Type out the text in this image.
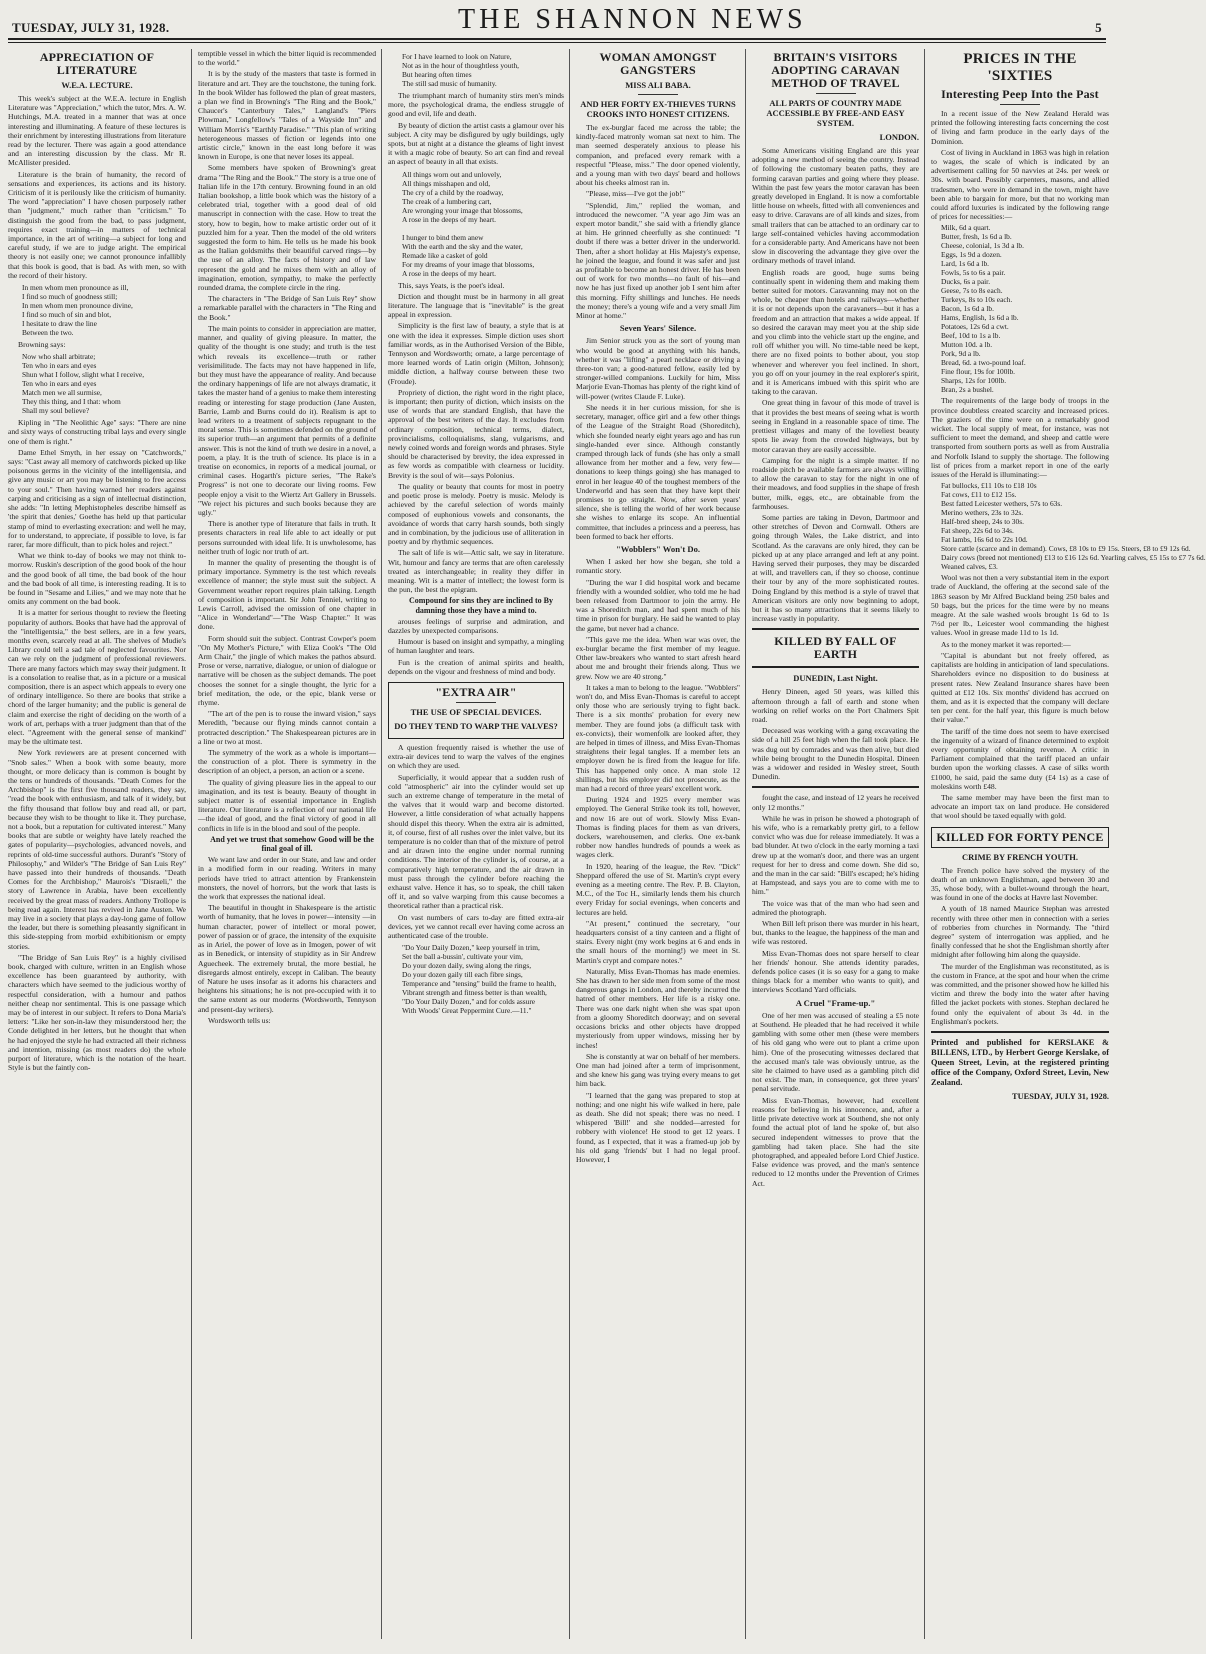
TUESDAY, JULY 31, 1928.	THE SHANNON NEWS	5
APPRECIATION OF LITERATURE
W.E.A. LECTURE.

This week's subject at the W.E.A. lecture in English Literature was "Appreciation," which the tutor, Mrs. A. W. Hutchings, M.A. treated in a manner that was at once interesting and illuminating. A feature of these lectures is their enrichment by interesting illustrations from literature read by the lecturer. There was again a good attendance and an interesting discussion by the class. Mr R. McAllister presided.

Literature is the brain of humanity, the record of sensations and experiences, its actions and its history. Criticism of it is perilously like the criticism of humanity. The word "appreciation" I have chosen purposely rather than "judgment," much rather than "criticism." To distinguish the good from the bad, to pass judgment, requires exact training—in matters of technical importance, in the art of writing—a subject for long and careful study, if we are to judge aright. The empirical theory is not easily one; we cannot pronounce infallibly that this book is good, that is bad. As with men, so with the record of their history.

In men whom men pronounce as ill,
I find so much of goodness still;
In men whom men pronounce divine,
I find so much of sin and blot,
I hesitate to draw the line
Between the two.

Browning says:

Now who shall arbitrate;
Ten who in ears and eyes
Shun what I follow, slight what I receive,
Ten who in ears and eyes
Match men we all surmise,
They this thing, and I that: whom
Shall my soul believe?

Kipling in "The Neolithic Age" says: "There are nine and sixty ways of constructing tribal lays and every single one of them is right."

Dame Ethel Smyth, in her essay on "Catchwords," says: "Cast away all memory of catchwords picked up like poisonous germs in the vicinity of the intelligentsia, and give any music or art you may be listening to free access to your soul." Then having warned her readers against carping and criticising as a sign of intellectual distinction, she adds: "In letting Mephistopheles describe himself as 'the spirit that denies,' Goethe has held up that particular stamp of mind to everlasting execration: and well he may, for to understand, to appreciate, if possible to love, is far rarer, far more difficult, than to pick holes and reject."

What we think to-day of books we may not think to-morrow. Ruskin's description of the good book of the hour and the good book of all time, the bad book of the hour and the bad book of all time, is interesting reading. It is to be found in "Sesame and Lilies," and we may note that he omits any comment on the bad book.

It is a matter for serious thought to review the fleeting popularity of authors. Books that have had the approval of the "intelligentsia," the best sellers, are in a few years, months even, scarcely read at all. The shelves of Mudie's Library could tell a sad tale of neglected favourites. Nor can we rely on the judgment of professional reviewers. There are many factors which may sway their judgment. It is a consolation to realise that, as in a picture or a musical composition, there is an aspect which appeals to every one of ordinary intelligence. So there are books that strike a chord of the larger humanity; and the public is general de claim and exercise the right of deciding on the worth of a work of art, perhaps with a truer judgment than that of the elect. "Agreement with the general sense of mankind" may be the ultimate test.

New York reviewers are at present concerned with "Snob sales." When a book with some beauty, more thought, or more delicacy than is common is bought by the tens or hundreds of thousands. "Death Comes for the Archbishop" is the first five thousand readers, they say, "read the book with enthusiasm, and talk of it widely, but the fifty thousand that follow buy and read all, or part, because they wish to be thought to like it. They purchase, not a book, but a reputation for cultivated interest." Many books that are subtle or weighty have lately reached the gates of popularity—psychologies, advanced novels, and reprints of old-time successful authors. Durant's "Story of Philosophy," and Wilder's "The Bridge of San Luis Rey" have passed into their hundreds of thousands. "Death Comes for the Archbishop," Maurois's "Disraeli," the story of Lawrence in Arabia, have been excellently received by the great mass of readers. Anthony Trollope is being read again. Interest has revived in Jane Austen. We may live in a society that plays a day-long game of follow the leader, but there is something pleasantly significant in this side-stepping from morbid exhibitionism or empty stories.

"The Bridge of San Luis Rey" is a highly civilised book, charged with culture, written in an English whose excellence has been guaranteed by authority, with characters which have seemed to the judicious worthy of respectful consideration, with a humour and pathos neither cheap nor sentimental. This is one passage which may be of interest in our subject. It refers to Dona Maria's letters: "Like her son-in-law they misunderstood her; the Conde delighted in her letters, but he thought that when he had enjoyed the style he had extracted all their richness and intention, missing (as most readers do) the whole purport of literature, which is the notation of the heart. Style is but the faintly con-

temptible vessel in which the bitter liquid is recommended to the world."

It is by the study of the masters that taste is formed in literature and art. They are the touchstone, the tuning fork. In the book Wilder has followed the plan of great masters, a plan we find in Browning's "The Ring and the Book," Chaucer's "Canterbury Tales," Langland's "Piers Plowman," Longfellow's "Tales of a Wayside Inn" and William Morris's "Earthly Paradise." "This plan of writing heterogeneous masses of fiction or legends into one artistic circle," known in the east long before it was known in Europe, is one that never loses its appeal.

Some members have spoken of Browning's great drama "The Ring and the Book." The story is a true one of Italian life in the 17th century. Browning found in an old Italian bookshop, a little book which was the history of a celebrated trial, together with a good deal of old manuscript in connection with the case. How to treat the story, how to begin, how to make artistic order out of it puzzled him for a year. Then the model of the old writers suggested the form to him. He tells us he made his book as the Italian goldsmiths their beautiful carved rings—by the use of an alloy. The facts of history and of law represent the gold and he mixes them with an alloy of imagination, emotion, sympathy, to make the perfectly rounded drama, the complete circle in the ring.

The characters in "The Bridge of San Luis Rey" show a remarkable parallel with the characters in "The Ring and the Book."

The main points to consider in appreciation are matter, manner, and quality of giving pleasure. In matter, the quality of the thought is one study; and truth is the test which reveals its excellence—truth or rather verisimilitude. The facts may not have happened in life, but they must have the appearance of reality. And because the ordinary happenings of life are not always dramatic, it takes the master hand of a genius to make them interesting reading or interesting for stage production (Jane Austen, Barrie, Lamb and Burns could do it). Realism is apt to lead writers to a treatment of subjects repugnant to the moral sense. This is sometimes defended on the ground of its superior truth—an argument that permits of a definite answer. This is not the kind of truth we desire in a novel, a poem, a play. It is the truth of science. Its place is in a treatise on economics, in reports of a medical journal, or criminal cases. Hogarth's picture series, "The Rake's Progress" is not one to decorate our living rooms. Few people enjoy a visit to the Wiertz Art Gallery in Brussels. "We reject his pictures and such books because they are ugly."

There is another type of literature that fails in truth. It presents characters in real life able to act ideally or put persons surrounded with ideal life. It is unwholesome, has neither truth of logic nor truth of art.

In manner the quality of presenting the thought is of primary importance. Symmetry is the test which reveals excellence of manner; the style must suit the subject. A Government weather report requires plain talking. Length of composition is important. Sir John Tenniel, writing to Lewis Carroll, advised the omission of one chapter in "Alice in Wonderland"—"The Wasp Chapter." It was done.

Form should suit the subject. Contrast Cowper's poem "On My Mother's Picture," with Eliza Cook's "The Old Arm Chair," the jingle of which makes the pathos absurd. Prose or verse, narrative, dialogue, or union of dialogue or narrative will be chosen as the subject demands. The poet chooses the sonnet for a single thought, the lyric for a brief meditation, the ode, or the epic, blank verse or rhyme.

"The art of the pen is to rouse the inward vision," says Meredith, "because our flying minds cannot contain a protracted description." The Shakespearean pictures are in a line or two at most.

The symmetry of the work as a whole is important—the construction of a plot. There is symmetry in the description of an object, a person, an action or a scene.

The quality of giving pleasure lies in the appeal to our imagination, and its test is beauty. Beauty of thought in subject matter is of essential importance in English literature. Our literature is a reflection of our national life—the ideal of good, and the final victory of good in all conflicts in life is in the blood and soul of the people.

And yet we trust that somehow Good will be the final goal of ill.

We want law and order in our State, and law and order in a modified form in our reading. Writers in many periods have tried to attract attention by Frankenstein monsters, the novel of horrors, but the work that lasts is the work that expresses the national ideal.

The beautiful in thought in Shakespeare is the artistic worth of humanity, that he loves in power—intensity —in human character, power of intellect or moral power, power of passion or of grace, the intensity of the exquisite as in Ariel, the power of love as in Imogen, power of wit as in Benedick, or intensity of stupidity as in Sir Andrew Aguecheek. The extremely brutal, the more bestial, he disregards almost entirely, except in Caliban. The beauty of Nature he uses insofar as it adorns his characters and heightens his situations; he is not pre-occupied with it to the same extent as our moderns (Wordsworth, Tennyson and present-day writers).

Wordsworth tells us:

For I have learned to look on Nature,
Not as in the hour of thoughtless youth,
But hearing often times
The still sad music of humanity.

The triumphant march of humanity stirs men's minds more, the psychological drama, the endless struggle of good and evil, life and death.

By beauty of diction the artist casts a glamour over his subject. A city may be disfigured by ugly buildings, ugly spots, but at night at a distance the gleams of light invest it with a magic robe of beauty. So art can find and reveal an aspect of beauty in all that exists.

All things worn out and unlovely,
All things misshapen and old,
The cry of a child by the roadway,
The creak of a lumbering cart,
Are wronging your image that blossoms,
A rose in the deeps of my heart.

I hunger to bind them anew
With the earth and the sky and the water,
Remade like a casket of gold
For my dreams of your image that blossoms,
A rose in the deeps of my heart.

This, says Yeats, is the poet's ideal.

Diction and thought must be in harmony in all great literature. The language that is "inevitable" is the great appeal in expression.

Simplicity is the first law of beauty, a style that is at one with the idea it expresses. Simple diction uses short familiar words, as in the Authorised Version of the Bible, Tennyson and Wordsworth; ornate, a large percentage of more learned words of Latin origin (Milton, Johnson); middle diction, a halfway course between these two (Froude).

Propriety of diction, the right word in the right place, is important; then purity of diction, which insists on the use of words that are standard English, that have the approval of the best writers of the day. It excludes from ordinary composition, technical terms, dialect, provincialisms, colloquialisms, slang, vulgarisms, and newly coined words and foreign words and phrases. Style should be characterised by brevity, the idea expressed in as few words as compatible with clearness or lucidity. Brevity is the soul of wit—says Polonius.

The quality or beauty that counts for most in poetry and poetic prose is melody. Poetry is music. Melody is achieved by the careful selection of words mainly composed of euphonious vowels and consonants, the avoidance of words that carry harsh sounds, both singly and in combination, by the judicious use of alliteration in poetry and by rhythmic sequences.

The salt of life is wit—Attic salt, we say in literature. Wit, humour and fancy are terms that are often carelessly treated as interchangeable; in reality they differ in meaning. Wit is a matter of intellect; the lowest form is the pun, the best the epigram.

Compound for sins they are inclined to By damning those they have a mind to.

arouses feelings of surprise and admiration, and dazzles by unexpected comparisons.

Humour is based on insight and sympathy, a mingling of human laughter and tears.

Fun is the creation of animal spirits and health, depends on the vigour and freshness of mind and body.

"EXTRA AIR"
THE USE OF SPECIAL DEVICES.
DO THEY TEND TO WARP THE VALVES?

A question frequently raised is whether the use of extra-air devices tend to warp the valves of the engines on which they are used.

Superficially, it would appear that a sudden rush of cold "atmospheric" air into the cylinder would set up such an extreme change of temperature in the metal of the valves that it would warp and become distorted. However, a little consideration of what actually happens should dispel this theory. When the extra air is admitted, it, of course, first of all rushes over the inlet valve, but its temperature is no colder than that of the mixture of petrol and air drawn into the engine under normal running conditions. The interior of the cylinder is, of course, at a comparatively high temperature, and the air drawn in must pass through the cylinder before reaching the exhaust valve. Hence it has, so to speak, the chill taken off it, and so valve warping from this cause becomes a theoretical rather than a practical risk.

On vast numbers of cars to-day are fitted extra-air devices, yet we cannot recall ever having come across an authenticated case of the trouble.

"Do Your Daily Dozen," keep yourself in trim,
Set the ball a-bussin', cultivate your vim,
Do your dozen daily, swing along the rings,
Do your dozen gaily till each fibre sings,
Temperance and "tensing" build the frame to health,
Vibrant strength and fitness better is than wealth,
"Do Your Daily Dozen," and for colds assure
With Woods' Great Peppermint Cure.—11."
WOMAN AMONGST GANGSTERS
MISS ALI BABA.
AND HER FORTY EX-THIEVES TURNS CROOKS INTO HONEST CITIZENS.

The ex-burglar faced me across the table; the kindly-faced matronly woman sat next to him. The man seemed desperately anxious to please his companion, and prefaced every remark with a respectful "Please, miss." The door opened violently, and a young man with two days' beard and hollows about his cheeks almost ran in.

"Please, miss—I've got the job!"

"Splendid, Jim," replied the woman, and introduced the newcomer. "A year ago Jim was an expert motor bandit," she said with a friendly glance at him. He grinned cheerfully as she continued: "I doubt if there was a better driver in the underworld. Then, after a short holiday at His Majesty's expense, he joined the league, and found it was safer and just as profitable to become an honest driver. He has been out of work for two months—no fault of his—and now he has just fixed up another job I sent him after this morning. Fifty shillings and lunches. He needs the money; there's a young wife and a very small Jim Minor at home."

Seven Years' Silence.

Jim Senior struck you as the sort of young man who would be good at anything with his hands, whether it was "lifting" a pearl necklace or driving a three-ton van; a good-natured fellow, easily led by stronger-willed companions. Luckily for him, Miss Marjorie Evan-Thomas has plenty of the right kind of will-power (writes Claude F. Luke).

She needs it in her curious mission, for she is secretary, manager, office girl and a few other things of the League of the Straight Road (Shoreditch), which she founded nearly eight years ago and has run single-handed ever since. Although constantly cramped through lack of funds (she has only a small allowance from her mother and a few, very few—donations to keep things going) she has managed to enrol in her league 40 of the toughest members of the Underworld and has seen that they have kept their promises to go straight. Now, after seven years' silence, she is telling the world of her work because she wishes to enlarge its scope. An influential committee, that includes a princess and a peeress, has been formed to back her efforts.

"Wobblers" Won't Do.

When I asked her how she began, she told a romantic story.

"During the war I did hospital work and became friendly with a wounded soldier, who told me he had been released from Dartmoor to join the army. He was a Shoreditch man, and had spent much of his time in prison for burglary. He said he wanted to play the game, but never had a chance.

"This gave me the idea. When war was over, the ex-burglar became the first member of my league. Other law-breakers who wanted to start afresh heard about me and brought their friends along. Thus we grew. Now we are 40 strong."

It takes a man to belong to the league. "Wobblers" won't do, and Miss Evan-Thomas is careful to accept only those who are seriously trying to fight back. There is a six months' probation for every new member. They are found jobs (a difficult task with ex-convicts), their womenfolk are looked after, they are helped in times of illness, and Miss Evan-Thomas straightens their legal tangles. If a member lets an employer down he is fired from the league for life. This has happened only once. A man stole 12 shillings, but his employer did not prosecute, as the man had a record of three years' excellent work.

During 1924 and 1925 every member was employed. The General Strike took its toll, however, and now 16 are out of work. Slowly Miss Evan-Thomas is finding places for them as van drivers, dockers, warehousemen, and clerks. One ex-bank robber now handles hundreds of pounds a week as wages clerk.

In 1920, hearing of the league, the Rev. "Dick" Sheppard offered the use of St. Martin's crypt every evening as a meeting centre. The Rev. P. B. Clayton, M.C., of the Toc H., similarly lends them his church every Friday for social evenings, when concerts and lectures are held.

"At present," continued the secretary, "our headquarters consist of a tiny canteen and a flight of stairs. Every night (my work begins at 6 and ends in the small hours of the morning!) we meet in St. Martin's crypt and compare notes."

Naturally, Miss Evan-Thomas has made enemies. She has drawn to her side men from some of the most dangerous gangs in London, and thereby incurred the hatred of other members. Her life is a risky one. There was one dark night when she was spat upon from a gloomy Shoreditch doorway; and on several occasions bricks and other objects have dropped mysteriously from upper windows, missing her by inches!

She is constantly at war on behalf of her members. One man had joined after a term of imprisonment, and she knew his gang was trying every means to get him back.

"I learned that the gang was prepared to stop at nothing; and one night his wife walked in here, pale as death. She did not speak; there was no need. I whispered 'Bill!' and she nodded—arrested for robbery with violence! He stood to get 12 years. I found, as I expected, that it was a framed-up job by his old gang 'friends' but I had no legal proof. However, I

BRITAIN'S VISITORS ADOPTING CARAVAN METHOD OF TRAVEL
ALL PARTS OF COUNTRY MADE ACCESSIBLE BY FREE-AND EASY SYSTEM.
LONDON.

Some Americans visiting England are this year adopting a new method of seeing the country. Instead of following the customary beaten paths, they are forming caravan parties and going where they please. Within the past few years the motor caravan has been greatly developed in England. It is now a comfortable little house on wheels, fitted with all conveniences and easy to drive. Caravans are of all kinds and sizes, from small trailers that can be attached to an ordinary car to large self-contained vehicles having accommodation for a considerable party. And Americans have not been slow in discovering the advantage they give over the ordinary methods of travel inland.

English roads are good, huge sums being continually spent in widening them and making them better suited for motors. Caravanning may not on the whole, be cheaper than hotels and railways—whether it is or not depends upon the caravaners—but it has a freedom and an attraction that makes a wide appeal. If so desired the caravan may meet you at the ship side and you climb into the vehicle start up the engine, and roll off whither you will. No time-table need be kept, there are no fixed points to bother about, you stop whenever and wherever you feel inclined. In short, you go off on your journey in the real explorer's spirit, and it is Americans imbued with this spirit who are taking to the caravan.

One great thing in favour of this mode of travel is that it provides the best means of seeing what is worth seeing in England in a reasonable space of time. The prettiest villages and many of the loveliest beauty spots lie away from the crowded highways, but by motor caravan they are easily accessible.

Camping for the night is a simple matter. If no roadside pitch be available farmers are always willing to allow the caravan to stay for the night in one of their meadows, and food supplies in the shape of fresh butter, milk, eggs, etc., are obtainable from the farmhouses.

Some parties are taking in Devon, Dartmoor and other stretches of Devon and Cornwall. Others are going through Wales, the Lake district, and into Scotland. As the caravans are only hired, they can be picked up at any place arranged and left at any point. Having served their purposes, they may be discarded at will, and travellers can, if they so choose, continue their tour by any of the more sophisticated routes. Doing England by this method is a style of travel that American visitors are only now beginning to adopt, but it has so many attractions that it seems likely to increase vastly in popularity.

KILLED BY FALL OF EARTH
DUNEDIN, Last Night.

Henry Dineen, aged 50 years, was killed this afternoon through a fall of earth and stone when working on relief works on the Port Chalmers Spit road.

Deceased was working with a gang excavating the side of a hill 25 feet high when the fall took place. He was dug out by comrades and was then alive, but died while being brought to the Dunedin Hospital. Dineen was a widower and resided in Wesley street, South Dunedin.

fought the case, and instead of 12 years he received only 12 months."

While he was in prison he showed a photograph of his wife, who is a remarkably pretty girl, to a fellow convict who was due for release immediately. It was a bad blunder. At two o'clock in the early morning a taxi drew up at the woman's door, and there was an urgent request for her to dress and come down. She did so, and the man in the car said: "Bill's escaped; he's hiding at Hampstead, and says you are to come with me to him."

The voice was that of the man who had seen and admired the photograph.

When Bill left prison there was murder in his heart, but, thanks to the league, the happiness of the man and wife was restored.

Miss Evan-Thomas does not spare herself to clear her friends' honour. She attends identity parades, defends police cases (it is so easy for a gang to make things black for a member who wants to quit), and interviews Scotland Yard officials.

A Cruel "Frame-up."

One of her men was accused of stealing a £5 note at Southend. He pleaded that he had received it while gambling with some other men (these were members of his old gang who were out to plant a crime upon him). One of the prosecuting witnesses declared that the accused man's tale was obviously untrue, as the site he claimed to have used as a gambling pitch did not exist. The man, in consequence, got three years' penal servitude.

Miss Evan-Thomas, however, had excellent reasons for believing in his innocence, and, after a little private detective work at Southend, she not only found the actual plot of land he spoke of, but also secured independent witnesses to prove that the gambling had taken place. She had the site photographed, and appealed before Lord Chief Justice. False evidence was proved, and the man's sentence reduced to 12 months under the Prevention of Crimes Act.

PRICES IN THE 'SIXTIES
Interesting Peep Into the Past

In a recent issue of the New Zealand Herald was printed the following interesting facts concerning the cost of living and farm produce in the early days of the Dominion.

Cost of living in Auckland in 1863 was high in relation to wages, the scale of which is indicated by an advertisement calling for 50 navvies at 24s. per week or 30s. with board. Possibly carpenters, masons, and allied tradesmen, who were in demand in the town, might have been able to bargain for more, but that no working man could afford luxuries is indicated by the following range of prices for necessities:—

Milk, 6d a quart.
Butter, fresh, 1s 6d a lb.
Cheese, colonial, 1s 3d a lb.
Eggs, 1s 9d a dozen.
Lard, 1s 6d a lb.
Fowls, 5s to 6s a pair.
Ducks, 6s a pair.
Geese, 7s to 8s each.
Turkeys, 8s to 10s each.
Bacon, 1s 6d a lb.
Hams, English, 1s 6d a lb.
Potatoes, 12s 6d a cwt.
Beef, 10d to 1s a lb.
Mutton 10d. a lb.
Pork, 9d a lb.
Bread, 6d. a two-pound loaf.
Fine flour, 19s for 100lb.
Sharps, 12s for 100lb.
Bran, 2s a bushel.

The requirements of the large body of troops in the province doubtless created scarcity and increased prices. The graziers of the time were on a remarkably good wicket. The local supply of meat, for instance, was not sufficient to meet the demand, and sheep and cattle were transported from southern ports as well as from Australia and Norfolk Island to supply the shortage. The following list of prices from a market report in one of the early issues of the Herald is illuminating:—

Fat bullocks, £11 10s to £18 10s
Fat cows, £11 to £12 15s.
Best fatted Leicester wethers, 57s to 63s.
Merino wethers, 23s to 32s.
Half-bred sheep, 24s to 30s.
Fat sheep, 22s 6d to 34s.
Fat lambs, 16s 6d to 22s 10d.
Store cattle (scarce and in demand). Cows, £8 10s to £9 15s. Steers, £8 to £9 12s 6d.
Dairy cows (breed not mentioned) £13 to £16 12s 6d. Yearling calves, £5 15s to £7 7s 6d.
Weaned calves, £3.

Wool was not then a very substantial item in the export trade of Auckland, the offering at the second sale of the 1863 season by Mr Alfred Buckland being 250 bales and 50 bags, but the prices for the time were by no means meagre. At the sale washed wools brought 1s 6d to 1s 7½d per lb., Leicester wool commanding the highest values. Wool in grease made 11d to 1s 1d.

As to the money market it was reported:—

"Capital is abundant but not freely offered, as capitalists are holding in anticipation of land speculations. Shareholders evince no disposition to do business at present rates. New Zealand Insurance shares have been quitted at £12 10s. Six months' dividend has accrued on them, and as it is expected that the company will declare ten per cent. for the half year, this figure is much below their value."

The tariff of the time does not seem to have exercised the ingenuity of a wizard of finance determined to exploit every opportunity of obtaining revenue. A critic in Parliament complained that the tariff placed an unfair burden upon the working classes. A case of silks worth £1000, he said, paid the same duty (£4 1s) as a case of moleskins worth £48.

The same member may have been the first man to advocate an import tax on land produce. He considered that wool should be taxed equally with gold.

KILLED FOR FORTY PENCE
CRIME BY FRENCH YOUTH.

The French police have solved the mystery of the death of an unknown Englishman, aged between 30 and 35, whose body, with a bullet-wound through the heart, was found in one of the docks at Havre last November.

A youth of 18 named Maurice Stephan was arrested recently with three other men in connection with a series of robberies from churches in Normandy. The "third degree" system of interrogation was applied, and he finally confessed that he shot the Englishman shortly after midnight after following him along the quayside.

The murder of the Englishman was reconstituted, as is the custom in France, at the spot and hour when the crime was committed, and the prisoner showed how he killed his victim and threw the body into the water after having filled the jacket pockets with stones. Stephan declared he found only the equivalent of about 3s 4d. in the Englishman's pockets.

Printed and published for KERSLAKE & BILLENS, LTD., by Herbert George Kerslake, of Queen Street, Levin, at the registered printing office of the Company, Oxford Street, Levin, New Zealand.
TUESDAY, JULY 31, 1928.
